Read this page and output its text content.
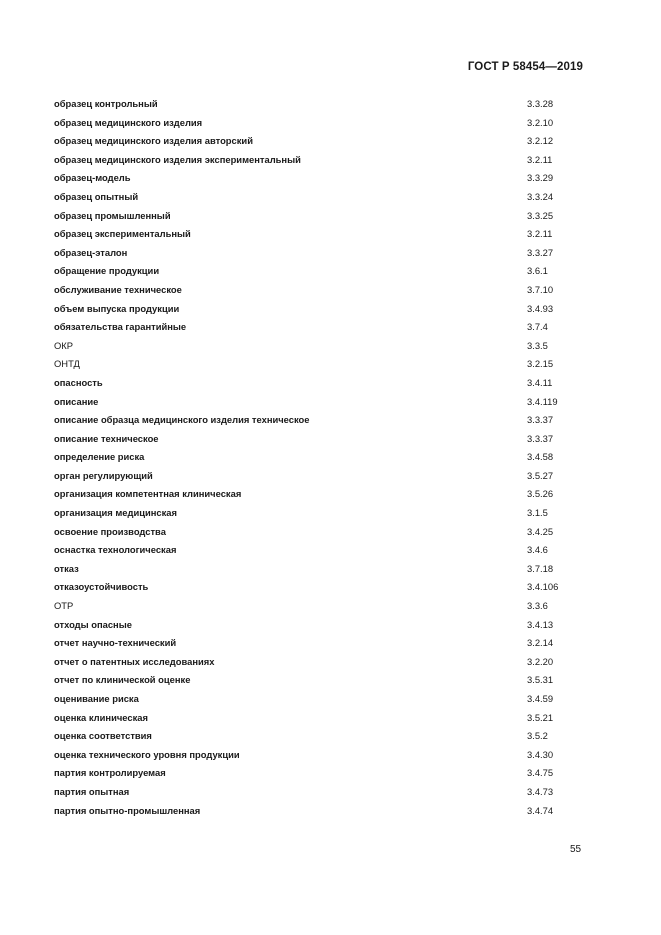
ГОСТ Р 58454—2019
образец контрольный	3.3.28
образец медицинского изделия	3.2.10
образец медицинского изделия авторский	3.2.12
образец медицинского изделия экспериментальный	3.2.11
образец-модель	3.3.29
образец опытный	3.3.24
образец промышленный	3.3.25
образец экспериментальный	3.2.11
образец-эталон	3.3.27
обращение продукции	3.6.1
обслуживание техническое	3.7.10
объем выпуска продукции	3.4.93
обязательства гарантийные	3.7.4
ОКР	3.3.5
ОНТД	3.2.15
опасность	3.4.11
описание	3.4.119
описание образца медицинского изделия техническое	3.3.37
описание техническое	3.3.37
определение риска	3.4.58
орган регулирующий	3.5.27
организация компетентная клиническая	3.5.26
организация медицинская	3.1.5
освоение производства	3.4.25
оснастка технологическая	3.4.6
отказ	3.7.18
отказоустойчивость	3.4.106
ОТР	3.3.6
отходы опасные	3.4.13
отчет научно-технический	3.2.14
отчет о патентных исследованиях	3.2.20
отчет по клинической оценке	3.5.31
оценивание риска	3.4.59
оценка клиническая	3.5.21
оценка соответствия	3.5.2
оценка технического уровня продукции	3.4.30
партия контролируемая	3.4.75
партия опытная	3.4.73
партия опытно-промышленная	3.4.74
55
